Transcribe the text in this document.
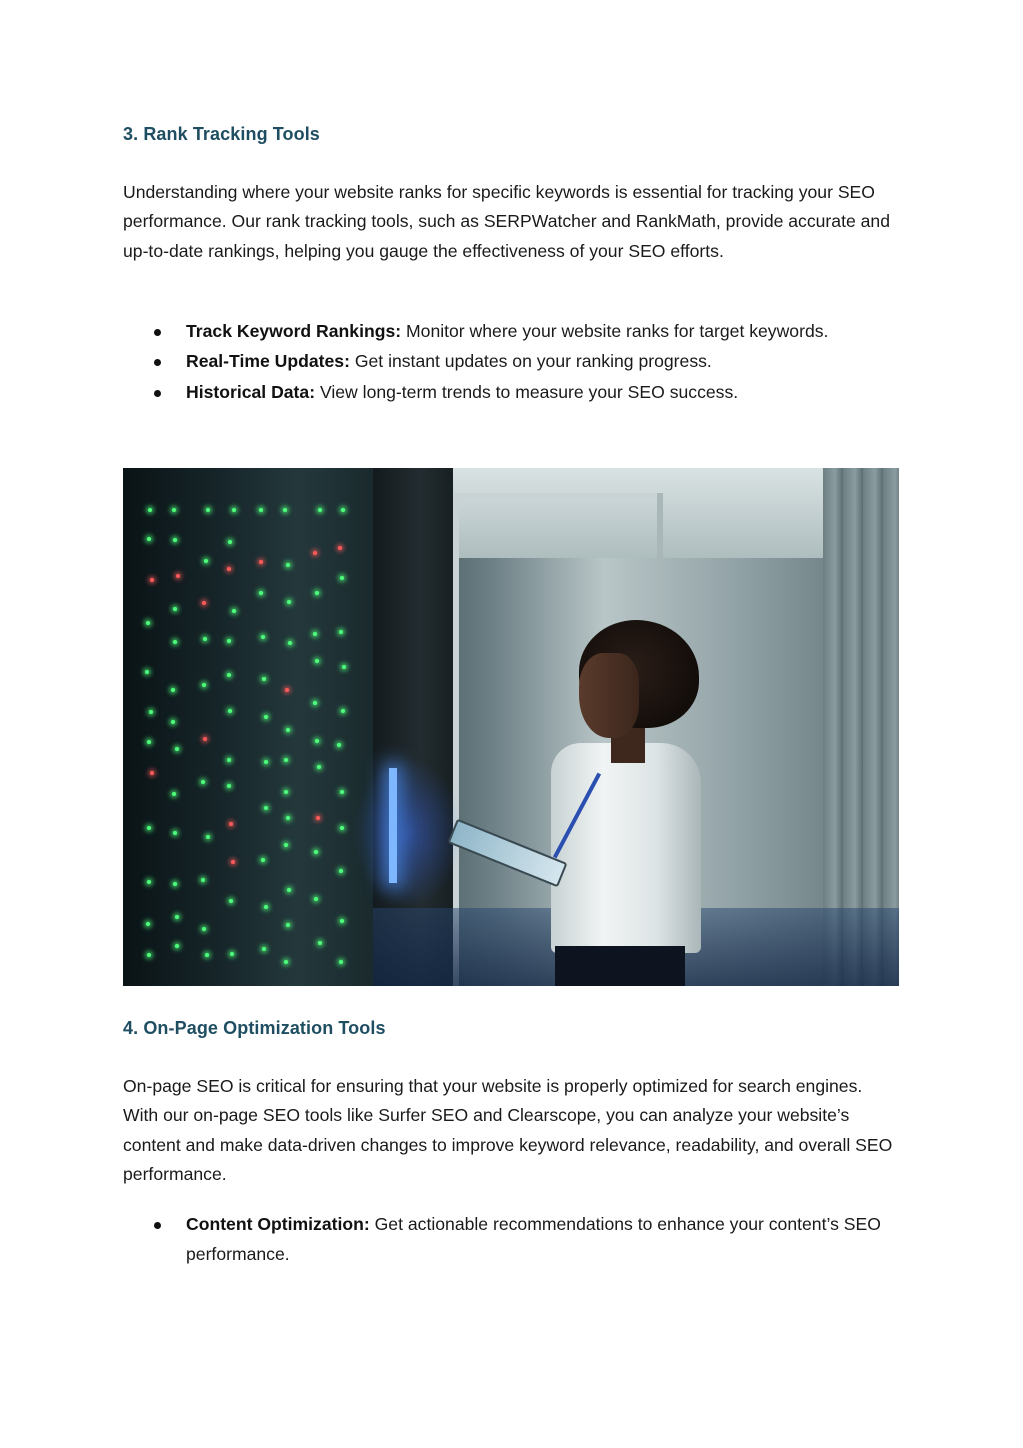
3. Rank Tracking Tools

Understanding where your website ranks for specific keywords is essential for tracking your SEO performance. Our rank tracking tools, such as SERPWatcher and RankMath, provide accurate and up-to-date rankings, helping you gauge the effectiveness of your SEO efforts.

Track Keyword Rankings: Monitor where your website ranks for target keywords.
Real-Time Updates: Get instant updates on your ranking progress.
Historical Data: View long-term trends to measure your SEO success.
4. On-Page Optimization Tools

On-page SEO is critical for ensuring that your website is properly optimized for search engines. With our on-page SEO tools like Surfer SEO and Clearscope, you can analyze your website’s content and make data-driven changes to improve keyword relevance, readability, and overall SEO performance.

Content Optimization: Get actionable recommendations to enhance your content’s SEO performance.
